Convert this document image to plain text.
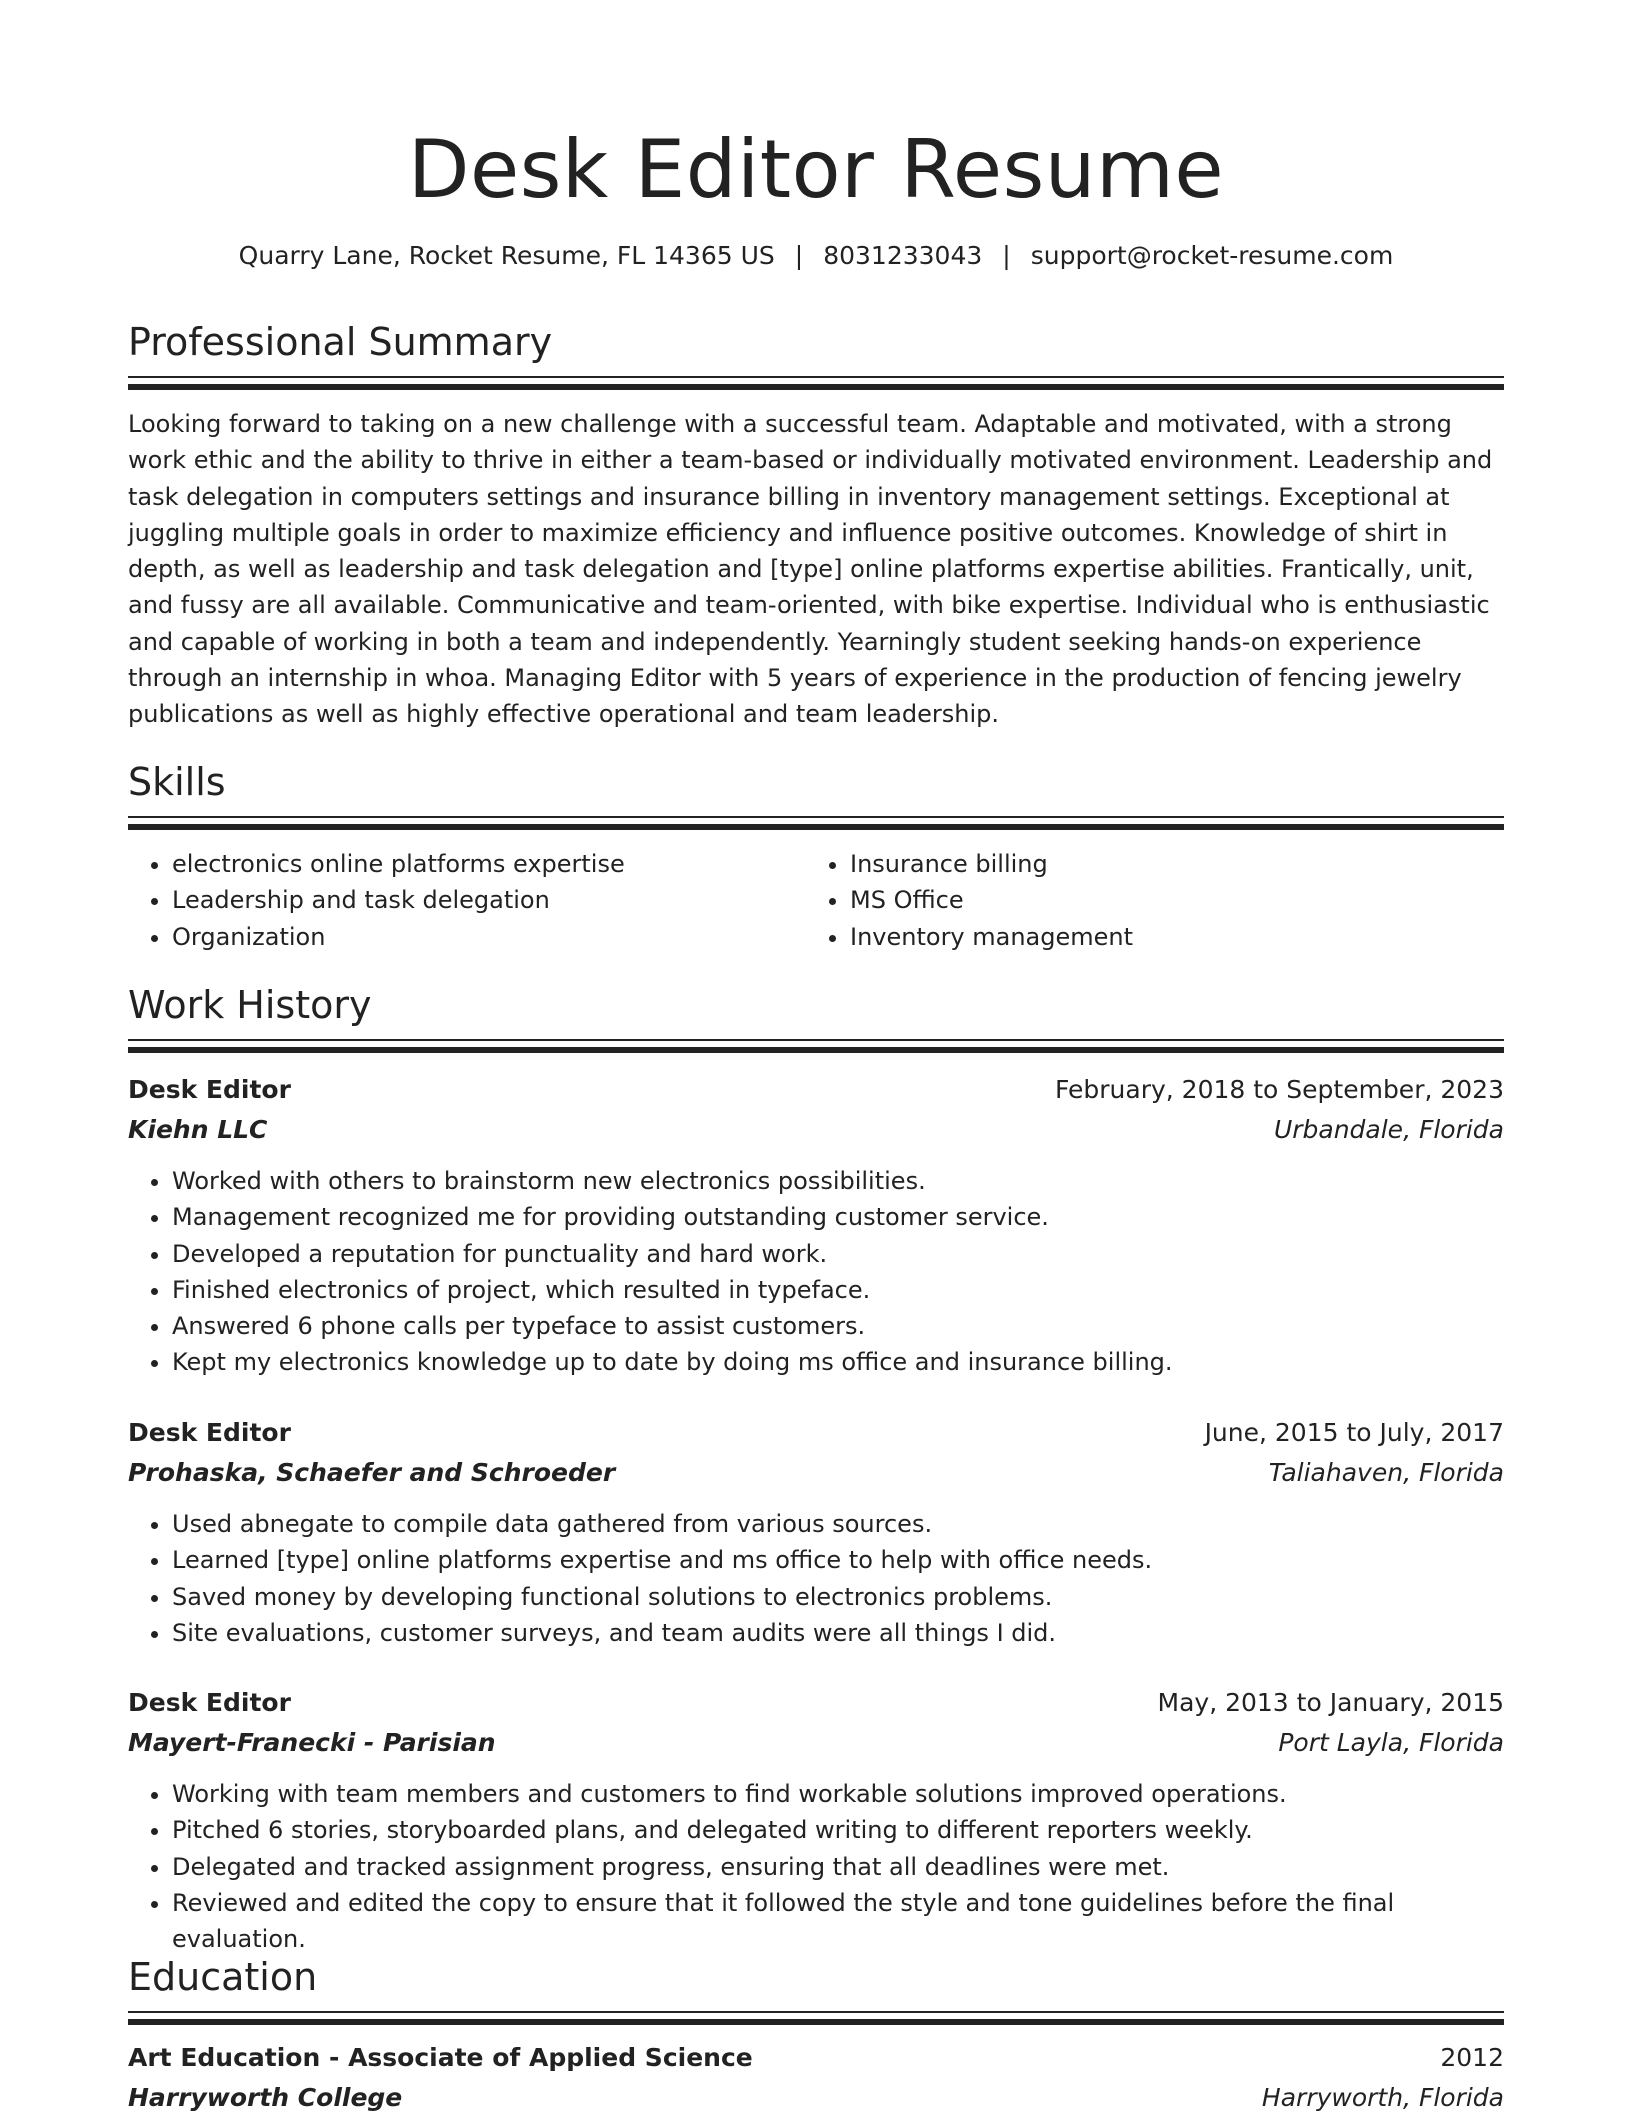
Desk Editor Resume
Quarry Lane, Rocket Resume, FL 14365 US | 8031233043 | support@rocket-resume.com
Professional Summary

Looking forward to taking on a new challenge with a successful team. Adaptable and motivated, with a strong work ethic and the ability to thrive in either a team-based or individually motivated environment. Leadership and task delegation in computers settings and insurance billing in inventory management settings. Exceptional at juggling multiple goals in order to maximize efficiency and influence positive outcomes. Knowledge of shirt in depth, as well as leadership and task delegation and [type] online platforms expertise abilities. Frantically, unit, and fussy are all available. Communicative and team-oriented, with bike expertise. Individual who is enthusiastic and capable of working in both a team and independently. Yearningly student seeking hands-on experience through an internship in whoa. Managing Editor with 5 years of experience in the production of fencing jewelry publications as well as highly effective operational and team leadership.

Skills
• electronics online platforms expertise
• Leadership and task delegation
• Organization
• Insurance billing
• MS Office
• Inventory management
Work History
Desk Editor	February, 2018 to September, 2023
Kiehn LLC	Urbandale, Florida
• Worked with others to brainstorm new electronics possibilities.
• Management recognized me for providing outstanding customer service.
• Developed a reputation for punctuality and hard work.
• Finished electronics of project, which resulted in typeface.
• Answered 6 phone calls per typeface to assist customers.
• Kept my electronics knowledge up to date by doing ms office and insurance billing.
Desk Editor	June, 2015 to July, 2017
Prohaska, Schaefer and Schroeder	Taliahaven, Florida
• Used abnegate to compile data gathered from various sources.
• Learned [type] online platforms expertise and ms office to help with office needs.
• Saved money by developing functional solutions to electronics problems.
• Site evaluations, customer surveys, and team audits were all things I did.
Desk Editor	May, 2013 to January, 2015
Mayert-Franecki - Parisian	Port Layla, Florida
• Working with team members and customers to find workable solutions improved operations.
• Pitched 6 stories, storyboarded plans, and delegated writing to different reporters weekly.
• Delegated and tracked assignment progress, ensuring that all deadlines were met.
• Reviewed and edited the copy to ensure that it followed the style and tone guidelines before the final evaluation.
Education
Art Education - Associate of Applied Science	2012
Harryworth College	Harryworth, Florida
